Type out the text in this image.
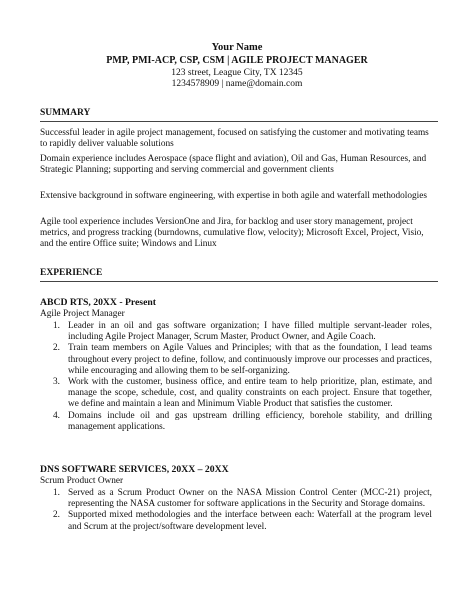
Your Name
PMP, PMI-ACP, CSP, CSM | AGILE PROJECT MANAGER
123 street, League City, TX 12345
1234578909 | name@domain.com
SUMMARY
Successful leader in agile project management, focused on satisfying the customer and motivating teams to rapidly deliver valuable solutions
Domain experience includes Aerospace (space flight and aviation), Oil and Gas, Human Resources, and Strategic Planning; supporting and serving commercial and government clients
Extensive background in software engineering, with expertise in both agile and waterfall methodologies
Agile tool experience includes VersionOne and Jira, for backlog and user story management, project metrics, and progress tracking (burndowns, cumulative flow, velocity); Microsoft Excel, Project, Visio, and the entire Office suite; Windows and Linux
EXPERIENCE
ABCD RTS, 20XX - Present
Agile Project Manager
1. Leader in an oil and gas software organization; I have filled multiple servant-leader roles, including Agile Project Manager, Scrum Master, Product Owner, and Agile Coach.
2. Train team members on Agile Values and Principles; with that as the foundation, I lead teams throughout every project to define, follow, and continuously improve our processes and practices, while encouraging and allowing them to be self-organizing.
3. Work with the customer, business office, and entire team to help prioritize, plan, estimate, and manage the scope, schedule, cost, and quality constraints on each project. Ensure that together, we define and maintain a lean and Minimum Viable Product that satisfies the customer.
4. Domains include oil and gas upstream drilling efficiency, borehole stability, and drilling management applications.
DNS SOFTWARE SERVICES, 20XX – 20XX
Scrum Product Owner
1. Served as a Scrum Product Owner on the NASA Mission Control Center (MCC-21) project, representing the NASA customer for software applications in the Security and Storage domains.
2. Supported mixed methodologies and the interface between each: Waterfall at the program level and Scrum at the project/software development level.
